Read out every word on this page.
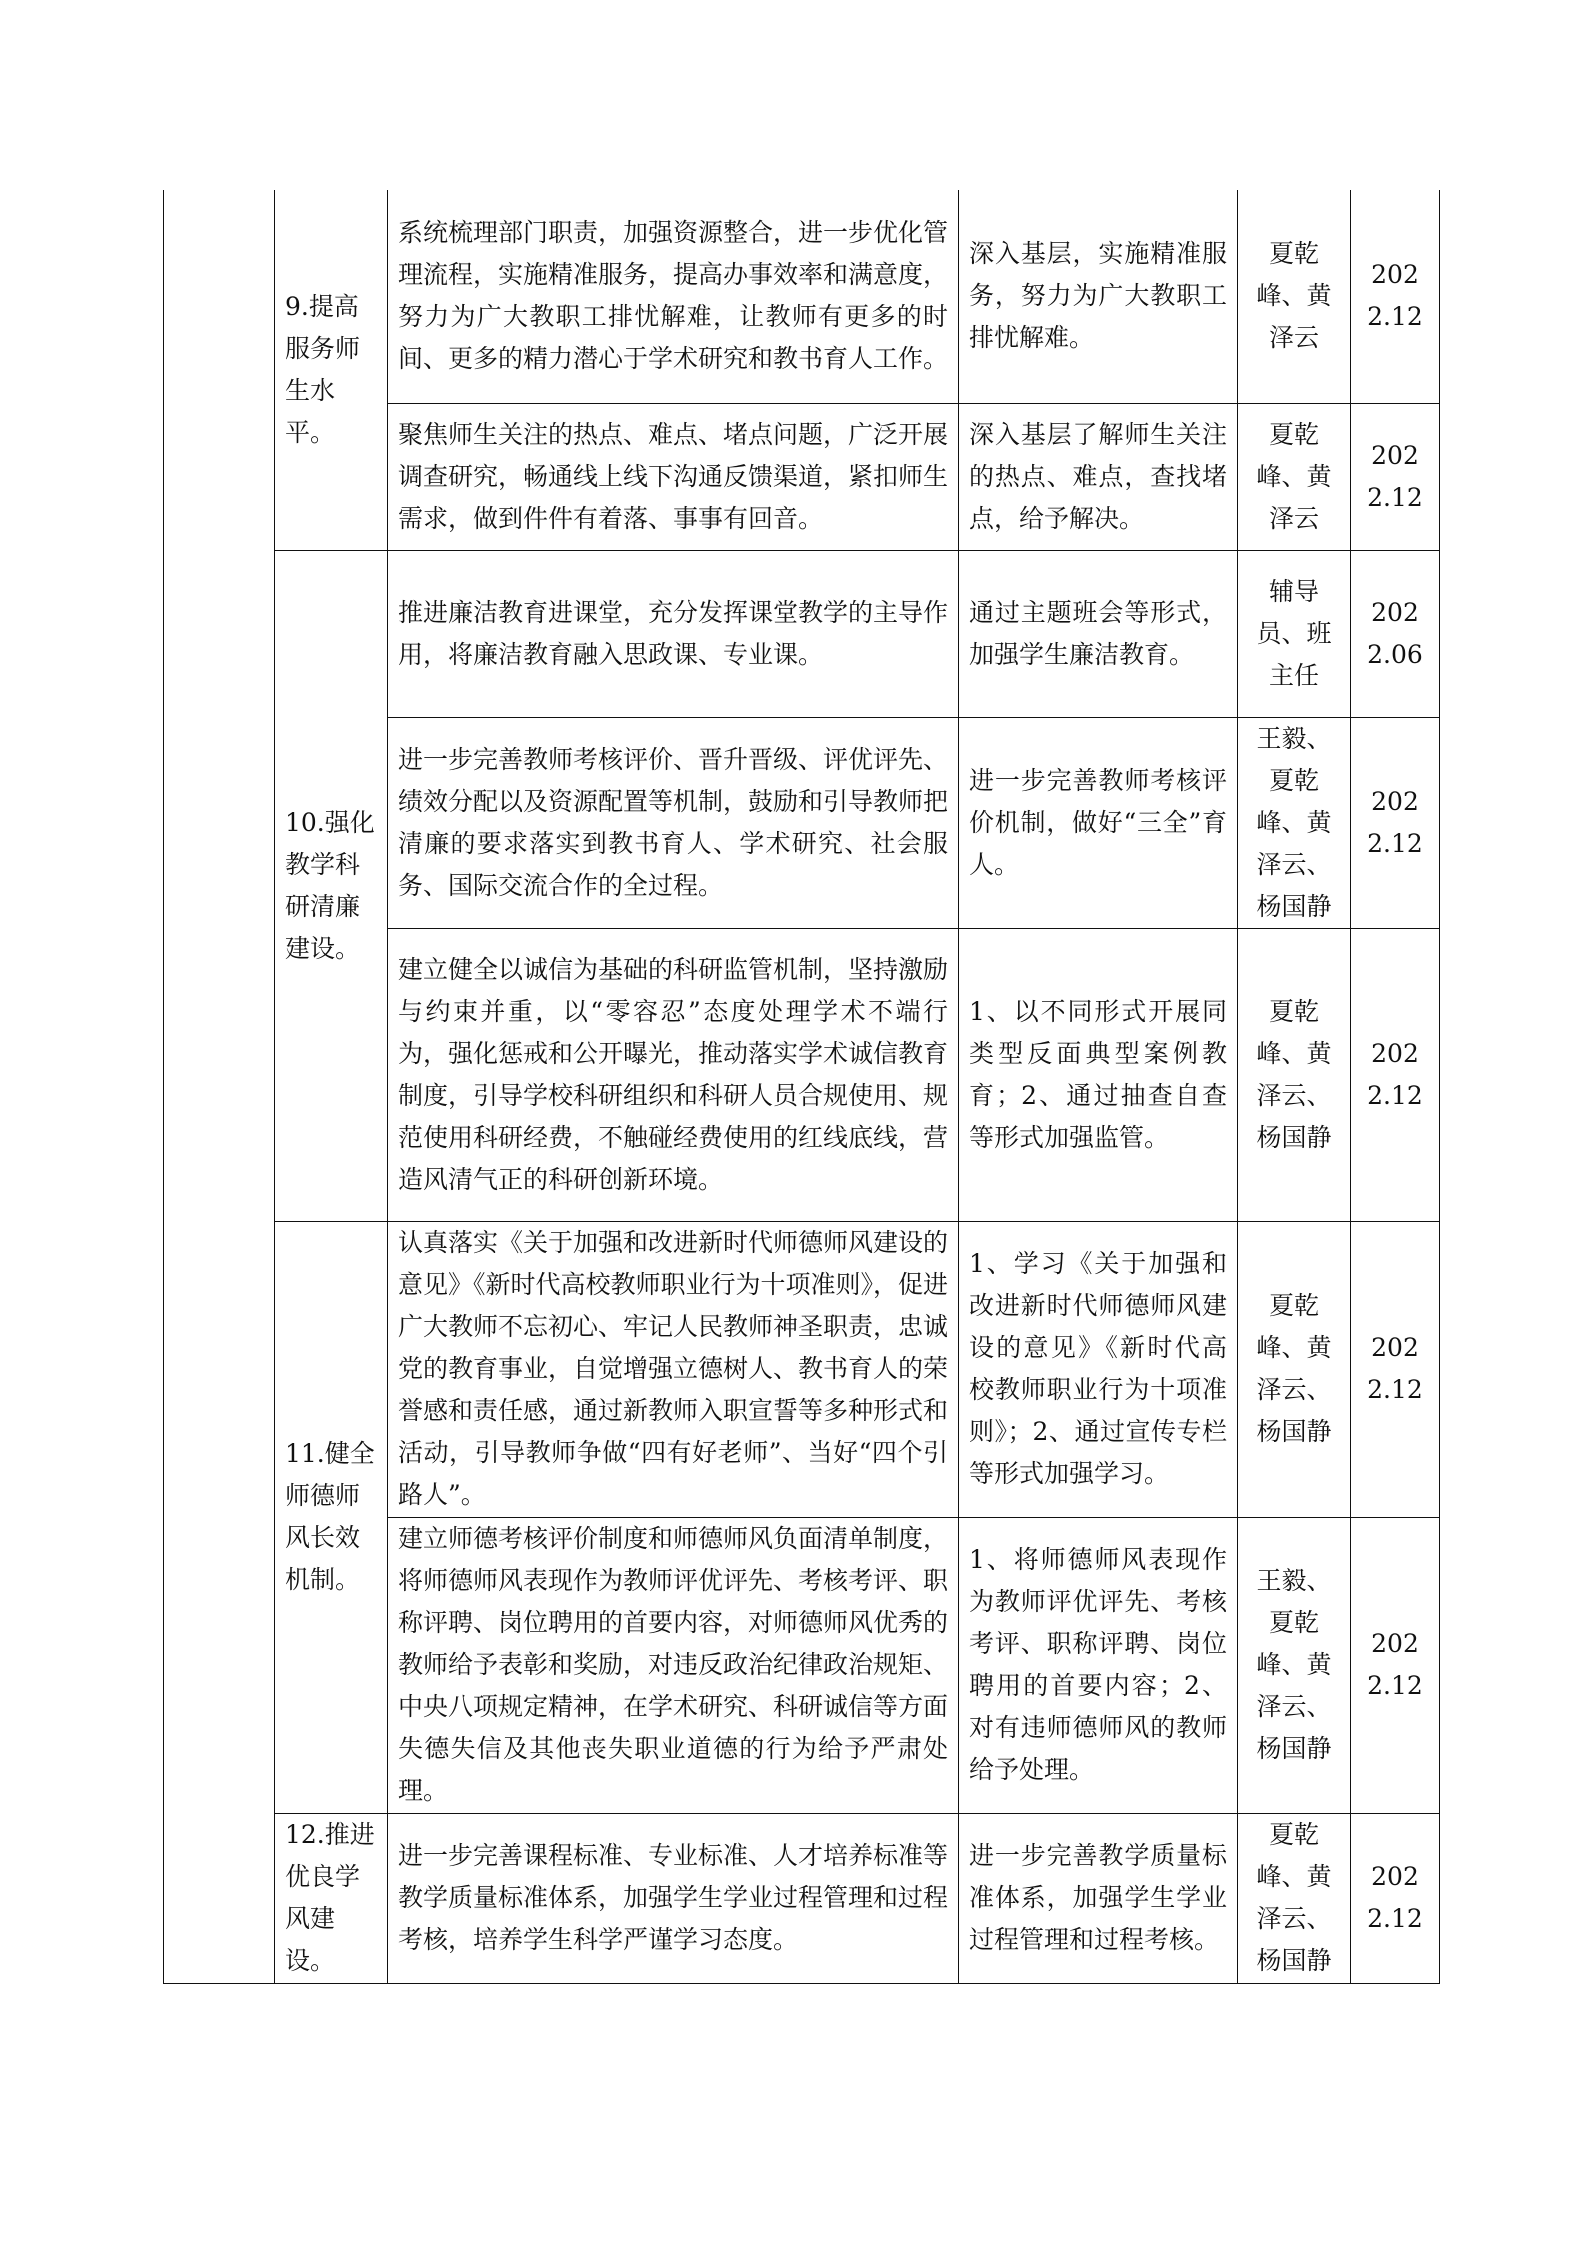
	9.提高服务师生水平。	系统梳理部门职责，加强资源整合，进一步优化管理流程，实施精准服务，提高办事效率和满意度，努力为广大教职工排忧解难，让教师有更多的时间、更多的精力潜心于学术研究和教书育人工作。	深入基层，实施精准服务，努力为广大教职工排忧解难。	夏乾峰、黄泽云	2022.12

		聚焦师生关注的热点、难点、堵点问题，广泛开展调查研究，畅通线上线下沟通反馈渠道，紧扣师生需求，做到件件有着落、事事有回音。	深入基层了解师生关注的热点、难点，查找堵点，给予解决。	夏乾峰、黄泽云	2022.12

	10.强化教学科研清廉建设。	推进廉洁教育进课堂，充分发挥课堂教学的主导作用，将廉洁教育融入思政课、专业课。	通过主题班会等形式，加强学生廉洁教育。	辅导员、班主任	2022.06

		进一步完善教师考核评价、晋升晋级、评优评先、绩效分配以及资源配置等机制，鼓励和引导教师把清廉的要求落实到教书育人、学术研究、社会服务、国际交流合作的全过程。	进一步完善教师考核评价机制，做好“三全”育人。	王毅、夏乾峰、黄泽云、杨国静	2022.12

		建立健全以诚信为基础的科研监管机制，坚持激励与约束并重，以“零容忍”态度处理学术不端行为，强化惩戒和公开曝光，推动落实学术诚信教育制度，引导学校科研组织和科研人员合规使用、规范使用科研经费，不触碰经费使用的红线底线，营造风清气正的科研创新环境。	1、以不同形式开展同类型反面典型案例教育；2、通过抽查自查等形式加强监管。	夏乾峰、黄泽云、杨国静	2022.12

	11.健全师德师风长效机制。	认真落实《关于加强和改进新时代师德师风建设的意见》《新时代高校教师职业行为十项准则》，促进广大教师不忘初心、牢记人民教师神圣职责，忠诚党的教育事业，自觉增强立德树人、教书育人的荣誉感和责任感，通过新教师入职宣誓等多种形式和活动，引导教师争做“四有好老师”、当好“四个引路人”。	1、学习《关于加强和改进新时代师德师风建设的意见》《新时代高校教师职业行为十项准则》；2、通过宣传专栏等形式加强学习。	夏乾峰、黄泽云、杨国静	2022.12

		建立师德考核评价制度和师德师风负面清单制度，将师德师风表现作为教师评优评先、考核考评、职称评聘、岗位聘用的首要内容，对师德师风优秀的教师给予表彰和奖励，对违反政治纪律政治规矩、中央八项规定精神，在学术研究、科研诚信等方面失德失信及其他丧失职业道德的行为给予严肃处理。	1、将师德师风表现作为教师评优评先、考核考评、职称评聘、岗位聘用的首要内容；2、对有违师德师风的教师给予处理。	王毅、夏乾峰、黄泽云、杨国静	2022.12

	12.推进优良学风建设。	进一步完善课程标准、专业标准、人才培养标准等教学质量标准体系，加强学生学业过程管理和过程考核，培养学生科学严谨学习态度。	进一步完善教学质量标准体系，加强学生学业过程管理和过程考核。	夏乾峰、黄泽云、杨国静	2022.12
